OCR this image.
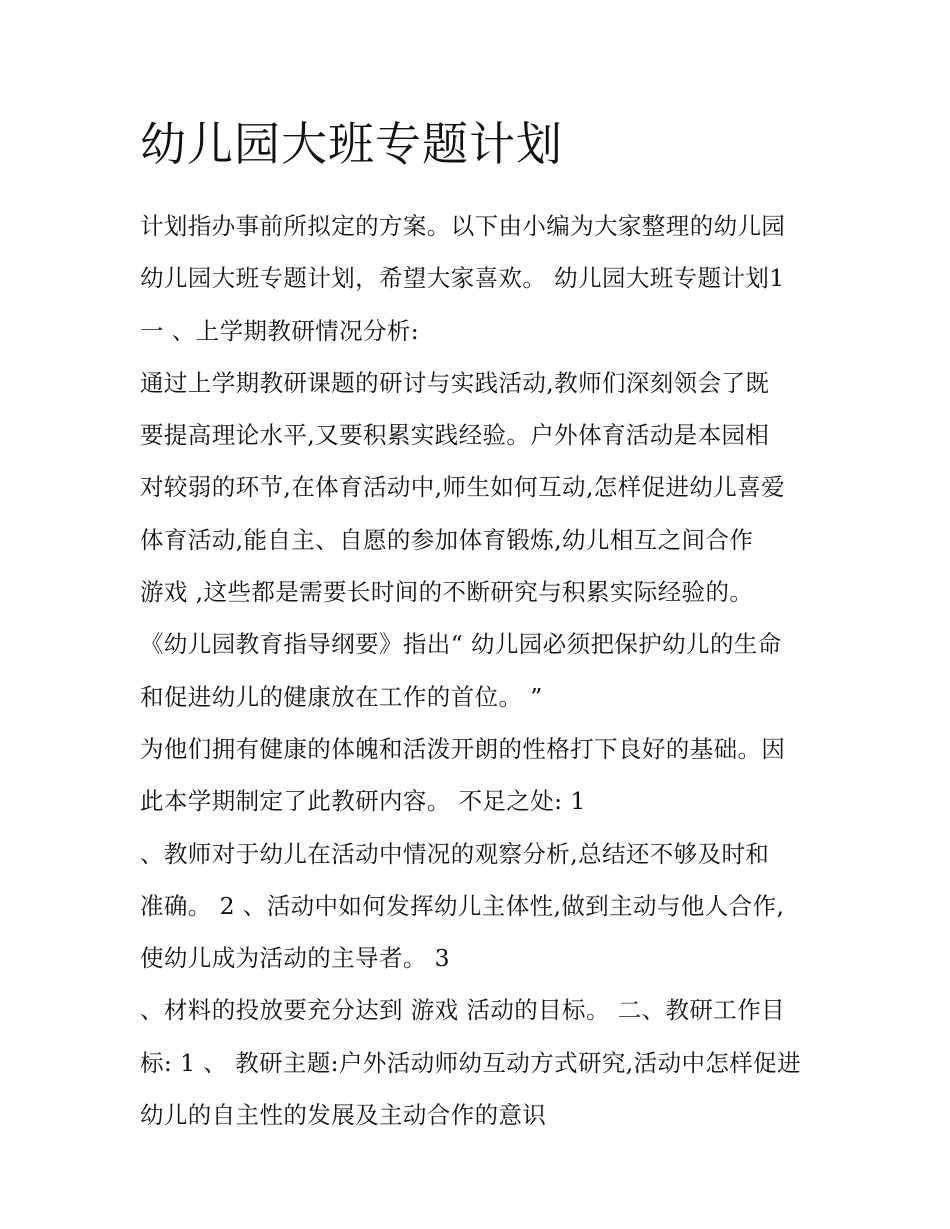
幼儿园大班专题计划
计划指办事前所拟定的方案。以下由小编为大家整理的幼儿园
幼儿园大班专题计划，希望大家喜欢。 幼儿园大班专题计划1
一 、上学期教研情况分析:
通过上学期教研课题的研讨与实践活动,教师们深刻领会了既
要提高理论水平,又要积累实践经验。户外体育活动是本园相
对较弱的环节,在体育活动中,师生如何互动,怎样促进幼儿喜爱
体育活动,能自主、自愿的参加体育锻炼,幼儿相互之间合作
游戏 ,这些都是需要长时间的不断研究与积累实际经验的。
《幼儿园教育指导纲要》指出“ 幼儿园必须把保护幼儿的生命
和促进幼儿的健康放在工作的首位。 ”
为他们拥有健康的体魄和活泼开朗的性格打下良好的基础。因
此本学期制定了此教研内容。 不足之处: 1
、教师对于幼儿在活动中情况的观察分析,总结还不够及时和
准确。 2 、活动中如何发挥幼儿主体性,做到主动与他人合作,
使幼儿成为活动的主导者。 3
、材料的投放要充分达到 游戏 活动的目标。 二、教研工作目
标: 1 、 教研主题:户外活动师幼互动方式研究,活动中怎样促进
幼儿的自主性的发展及主动合作的意识
